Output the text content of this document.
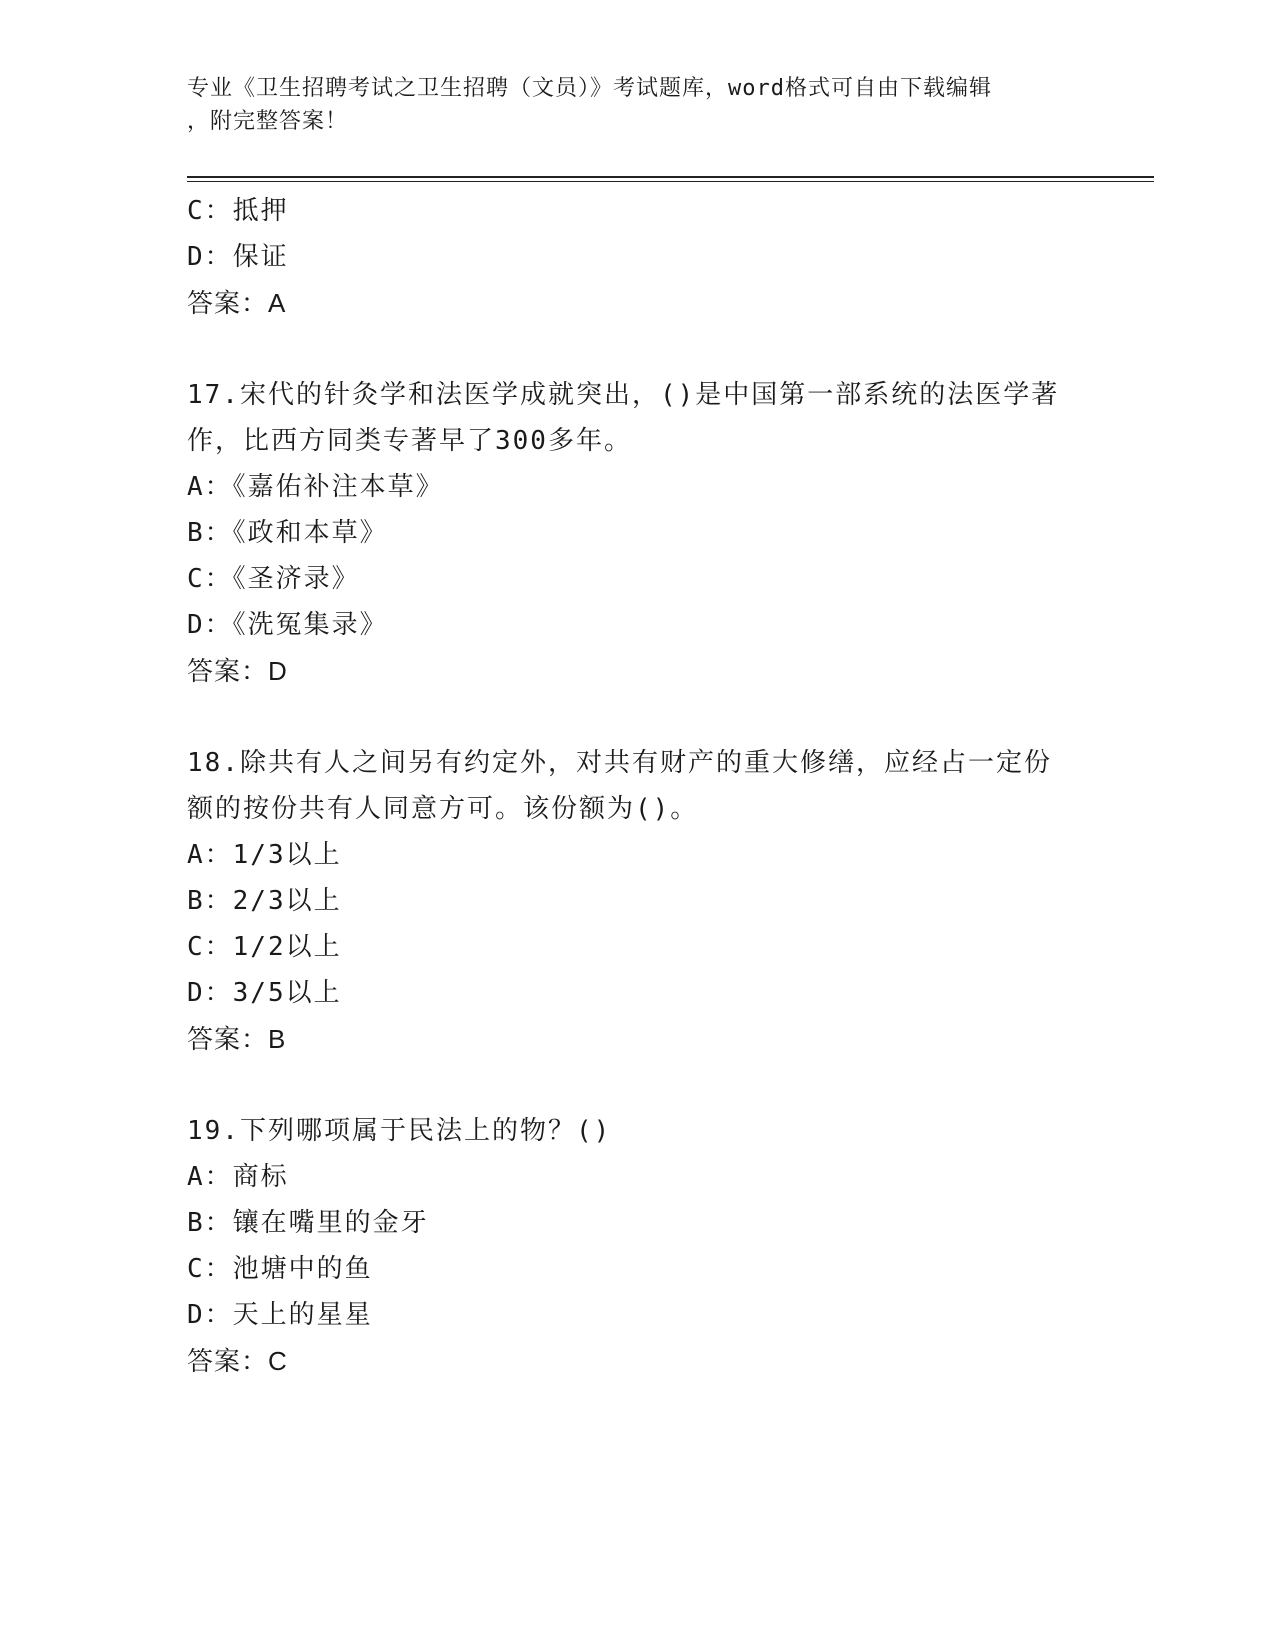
专业《卫生招聘考试之卫生招聘（文员）》考试题库，word格式可自由下载编辑
，附完整答案！
C：抵押
D：保证
答案：A
17.宋代的针灸学和法医学成就突出，()是中国第一部系统的法医学著
作，比西方同类专著早了300多年。
A：《嘉佑补注本草》
B：《政和本草》
C：《圣济录》
D：《洗冤集录》
答案：D
18.除共有人之间另有约定外，对共有财产的重大修缮，应经占一定份
额的按份共有人同意方可。该份额为()。
A：1/3以上
B：2/3以上
C：1/2以上
D：3/5以上
答案：B
19.下列哪项属于民法上的物？()
A：商标
B：镶在嘴里的金牙
C：池塘中的鱼
D：天上的星星
答案：C
